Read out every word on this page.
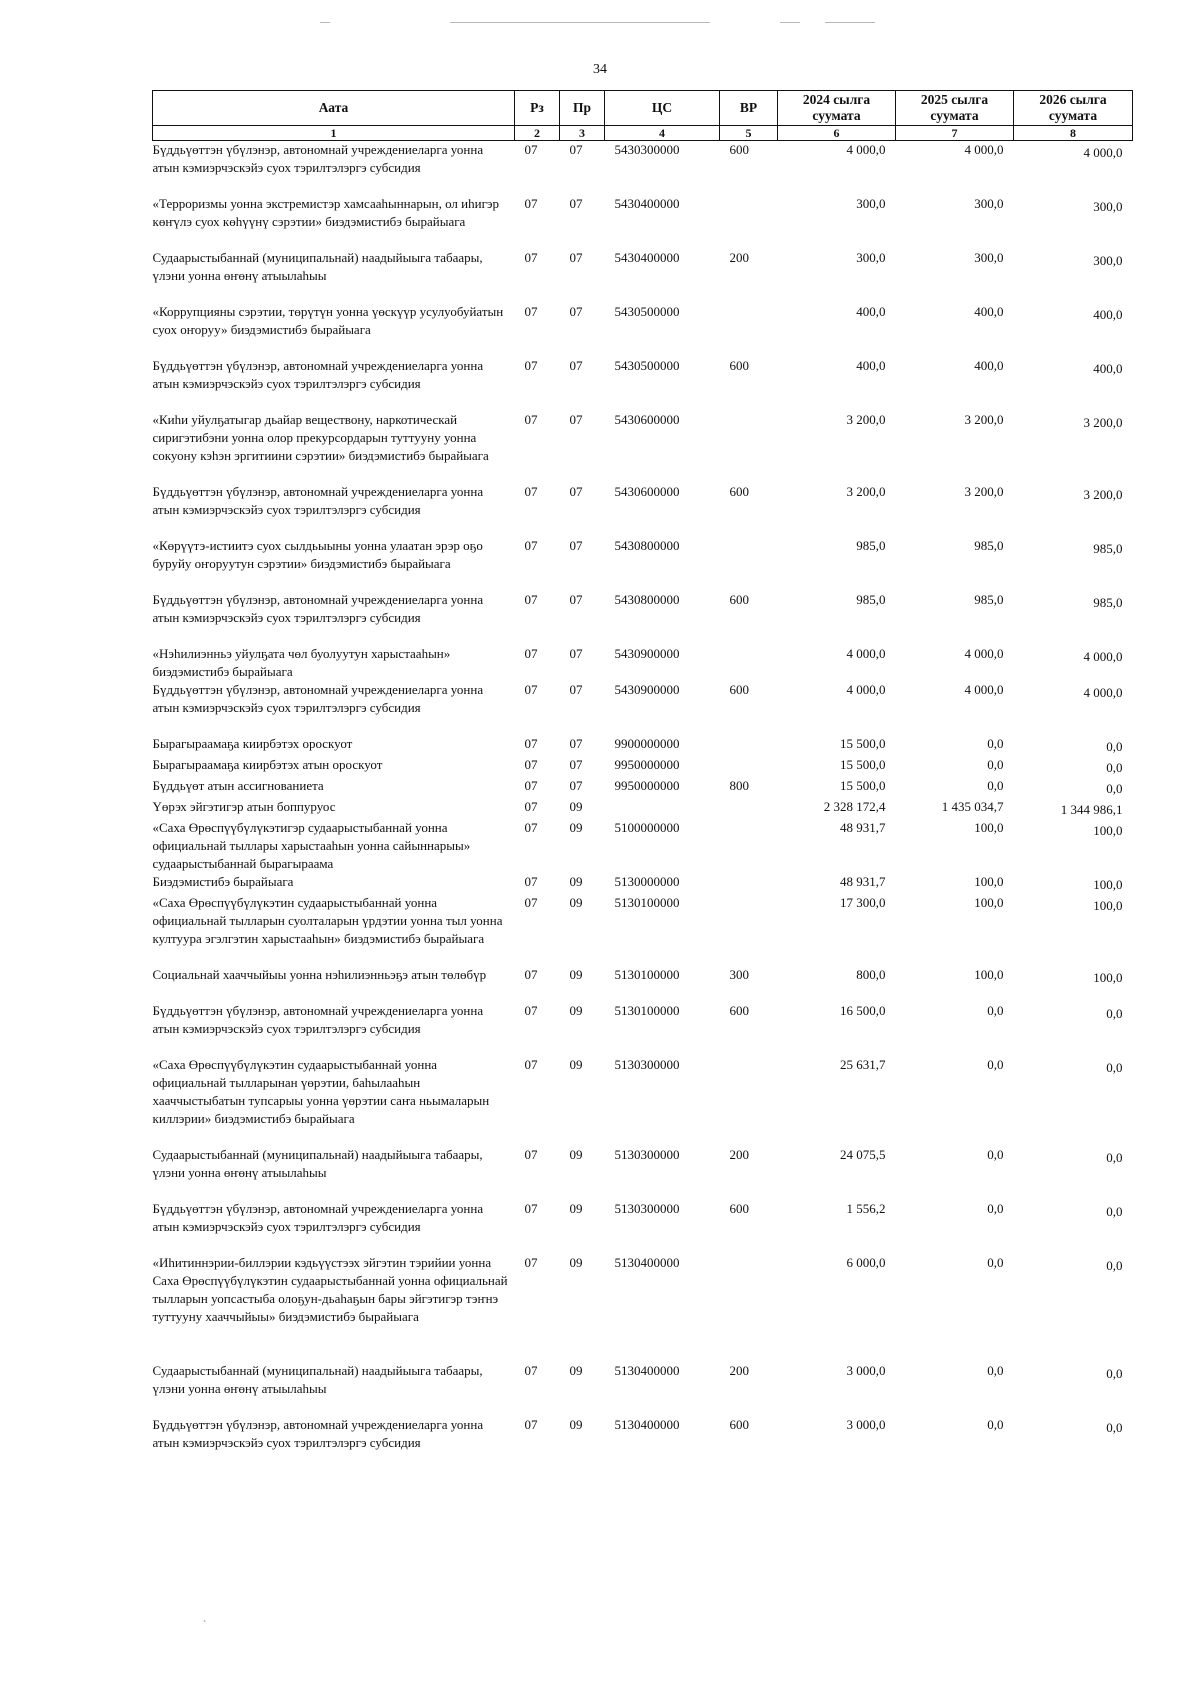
34
Аата	Рз	Пр	ЦС	ВР	2024 сылга суумата	2025 сылга суумата	2026 сылга суумата
1	2	3	4	5	6	7	8
Бүддьүөттэн үбүлэнэр, автономнай учреждениеларга уонна атын кэмиэрчэскэйэ суох тэрилтэлэргэ субсидия	07	07	5430300000	600	4 000,0	4 000,0	4 000,0
«Терроризмы уонна экстремистэр хамсааһыннарын, ол иһигэр көҥүлэ суох көһүүнү сэрэтии» биэдэмистибэ бырайыага	07	07	5430400000		300,0	300,0	300,0
Судаарыстыбаннай (муниципальнай) наадыйыыга табаары, үлэни уонна өҥөнү атыылаһыы	07	07	5430400000	200	300,0	300,0	300,0
«Коррупцияны сэрэтии, төрүтүн уонна үөскүүр усулуобуйатын суох оҥоруу» биэдэмистибэ бырайыага	07	07	5430500000		400,0	400,0	400,0
Бүддьүөттэн үбүлэнэр, автономнай учреждениеларга уонна атын кэмиэрчэскэйэ суох тэрилтэлэргэ субсидия	07	07	5430500000	600	400,0	400,0	400,0
«Киһи уйулҕатыгар дьайар веществону, наркотическай сиригэтибэни уонна олор прекурсордарын туттууну уонна сокуону кэһэн эргитиини сэрэтии» биэдэмистибэ бырайыага	07	07	5430600000		3 200,0	3 200,0	3 200,0
Бүддьүөттэн үбүлэнэр, автономнай учреждениеларга уонна атын кэмиэрчэскэйэ суох тэрилтэлэргэ субсидия	07	07	5430600000	600	3 200,0	3 200,0	3 200,0
«Көрүүтэ-истиитэ суох сылдьыыны уонна улаатан эрэр оҕо буруйу оҥоруутун сэрэтии» биэдэмистибэ бырайыага	07	07	5430800000		985,0	985,0	985,0
Бүддьүөттэн үбүлэнэр, автономнай учреждениеларга уонна атын кэмиэрчэскэйэ суох тэрилтэлэргэ субсидия	07	07	5430800000	600	985,0	985,0	985,0
«Нэһилиэнньэ уйулҕата чөл буолуутун харыстааһын» биэдэмистибэ бырайыага	07	07	5430900000		4 000,0	4 000,0	4 000,0
Бүддьүөттэн үбүлэнэр, автономнай учреждениеларга уонна атын кэмиэрчэскэйэ суох тэрилтэлэргэ субсидия	07	07	5430900000	600	4 000,0	4 000,0	4 000,0
Бырагыраамаҕа киирбэтэх ороскуот	07	07	9900000000		15 500,0	0,0	0,0
Бырагыраамаҕа киирбэтэх атын ороскуот	07	07	9950000000		15 500,0	0,0	0,0
Бүддьүөт атын ассигнованиета	07	07	9950000000	800	15 500,0	0,0	0,0
Үөрэх эйгэтигэр атын боппуруос	07	09			2 328 172,4	1 435 034,7	1 344 986,1
«Саха Өрөспүүбүлүкэтигэр судаарыстыбаннай уонна официальнай тыллары харыстааһын уонна сайыннарыы» судаарыстыбаннай бырагыраама	07	09	5100000000		48 931,7	100,0	100,0
Биэдэмистибэ бырайыага	07	09	5130000000		48 931,7	100,0	100,0
«Саха Өрөспүүбүлүкэтин судаарыстыбаннай уонна официальнай тылларын суолталарын үрдэтии уонна тыл уонна култуура эгэлгэтин харыстааһын» биэдэмистибэ бырайыага	07	09	5130100000		17 300,0	100,0	100,0
Социальнай хааччыйыы уонна нэһилиэнньэҕэ атын төлөбүр	07	09	5130100000	300	800,0	100,0	100,0
Бүддьүөттэн үбүлэнэр, автономнай учреждениеларга уонна атын кэмиэрчэскэйэ суох тэрилтэлэргэ субсидия	07	09	5130100000	600	16 500,0	0,0	0,0
«Саха Өрөспүүбүлүкэтин судаарыстыбаннай уонна официальнай тылларынан үөрэтии, баһылааһын хааччыстыбатын тупсарыы уонна үөрэтии саҥа ньымаларын киллэрии» биэдэмистибэ бырайыага	07	09	5130300000		25 631,7	0,0	0,0
Судаарыстыбаннай (муниципальнай) наадыйыыга табаары, үлэни уонна өҥөнү атыылаһыы	07	09	5130300000	200	24 075,5	0,0	0,0
Бүддьүөттэн үбүлэнэр, автономнай учреждениеларга уонна атын кэмиэрчэскэйэ суох тэрилтэлэргэ субсидия	07	09	5130300000	600	1 556,2	0,0	0,0
«Иһитиннэрии-биллэрии кэдьүүстээх эйгэтин тэрийии уонна Саха Өрөспүүбүлүкэтин судаарыстыбаннай уонна официальнай тылларын уопсастыба олоҕун-дьаһаҕын бары эйгэтигэр тэҥнэ туттууну хааччыйыы» биэдэмистибэ бырайыага	07	09	5130400000		6 000,0	0,0	0,0
Судаарыстыбаннай (муниципальнай) наадыйыыга табаары, үлэни уонна өҥөнү атыылаһыы	07	09	5130400000	200	3 000,0	0,0	0,0
Бүддьүөттэн үбүлэнэр, автономнай учреждениеларга уонна атын кэмиэрчэскэйэ суох тэрилтэлэргэ субсидия	07	09	5130400000	600	3 000,0	0,0	0,0
ˋ
